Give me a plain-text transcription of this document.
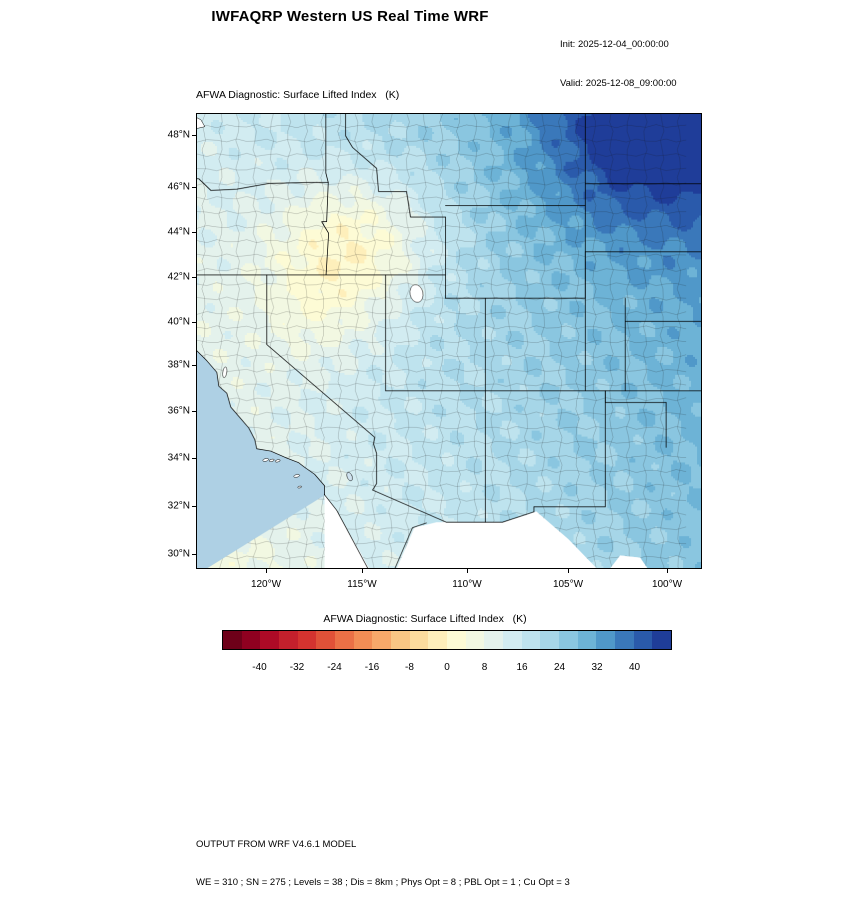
IWFAQRP Western US Real Time WRF

Init: 2025-12-04_00:00:00

Valid: 2025-12-08_09:00:00

AFWA Diagnostic: Surface Lifted Index   (K)
30°N
32°N
34°N
36°N
38°N
40°N
42°N
44°N
46°N
48°N
120°W	115°W	110°W	105°W	100°W
AFWA Diagnostic: Surface Lifted Index   (K)
-40	-32	-24	-16	-8	0	8	16	24	32	40

OUTPUT FROM WRF V4.6.1 MODEL

WE = 310 ; SN = 275 ; Levels = 38 ; Dis = 8km ; Phys Opt = 8 ; PBL Opt = 1 ; Cu Opt = 3
